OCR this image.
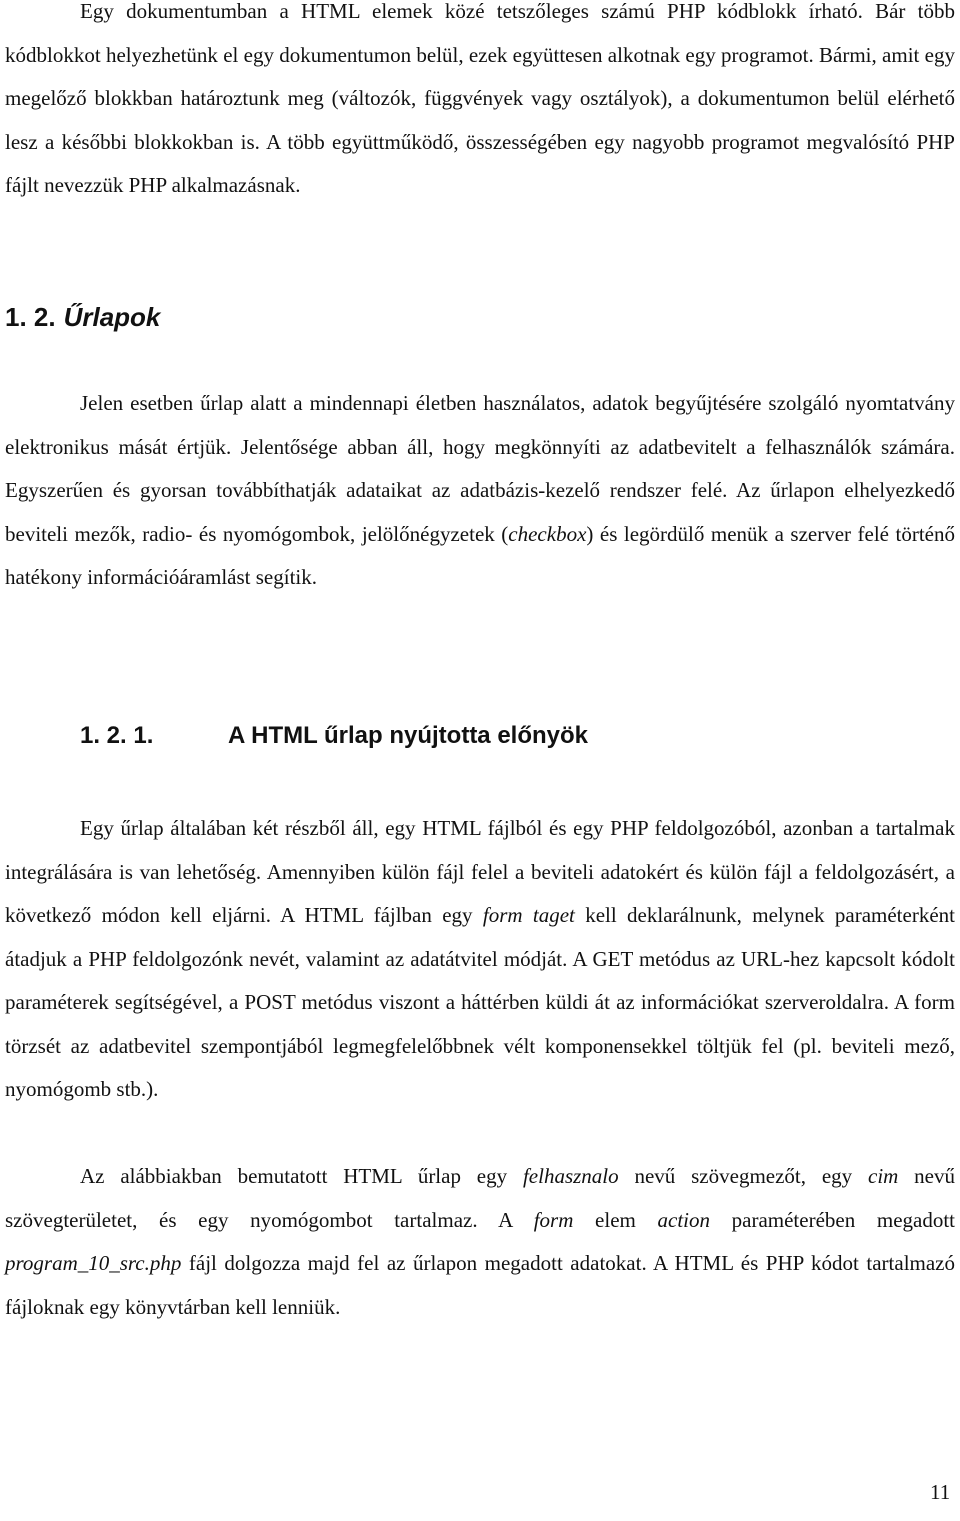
Egy dokumentumban a HTML elemek közé tetszőleges számú PHP kódblokk írható. Bár több kódblokkot helyezhetünk el egy dokumentumon belül, ezek együttesen alkotnak egy programot. Bármi, amit egy megelőző blokkban határoztunk meg (változók, függvények vagy osztályok), a dokumentumon belül elérhető lesz a későbbi blokkokban is. A több együttműködő, összességében egy nagyobb programot megvalósító PHP fájlt nevezzük PHP alkalmazásnak.

1. 2. Űrlapok

Jelen esetben űrlap alatt a mindennapi életben használatos, adatok begyűjtésére szolgáló nyomtatvány elektronikus mását értjük. Jelentősége abban áll, hogy megkönnyíti az adatbevitelt a felhasználók számára. Egyszerűen és gyorsan továbbíthatják adataikat az adatbázis-kezelő rendszer felé. Az űrlapon elhelyezkedő beviteli mezők, radio- és nyomógombok, jelölőnégyzetek (checkbox) és legördülő menük a szerver felé történő hatékony információáramlást segítik.

1. 2. 1.	A HTML űrlap nyújtotta előnyök

Egy űrlap általában két részből áll, egy HTML fájlból és egy PHP feldolgozóból, azonban a tartalmak integrálására is van lehetőség. Amennyiben külön fájl felel a beviteli adatokért és külön fájl a feldolgozásért, a következő módon kell eljárni. A HTML fájlban egy form taget kell deklarálnunk, melynek paraméterként átadjuk a PHP feldolgozónk nevét, valamint az adatátvitel módját. A GET metódus az URL-hez kapcsolt kódolt paraméterek segítségével, a POST metódus viszont a háttérben küldi át az információkat szerveroldalra. A form törzsét az adatbevitel szempontjából legmegfelelőbbnek vélt komponensekkel töltjük fel (pl. beviteli mező, nyomógomb stb.).

Az alábbiakban bemutatott HTML űrlap egy felhasznalo nevű szövegmezőt, egy cim nevű szövegterületet, és egy nyomógombot tartalmaz. A form elem action paraméterében megadott program_10_src.php fájl dolgozza majd fel az űrlapon megadott adatokat. A HTML és PHP kódot tartalmazó fájloknak egy könyvtárban kell lenniük.

11
